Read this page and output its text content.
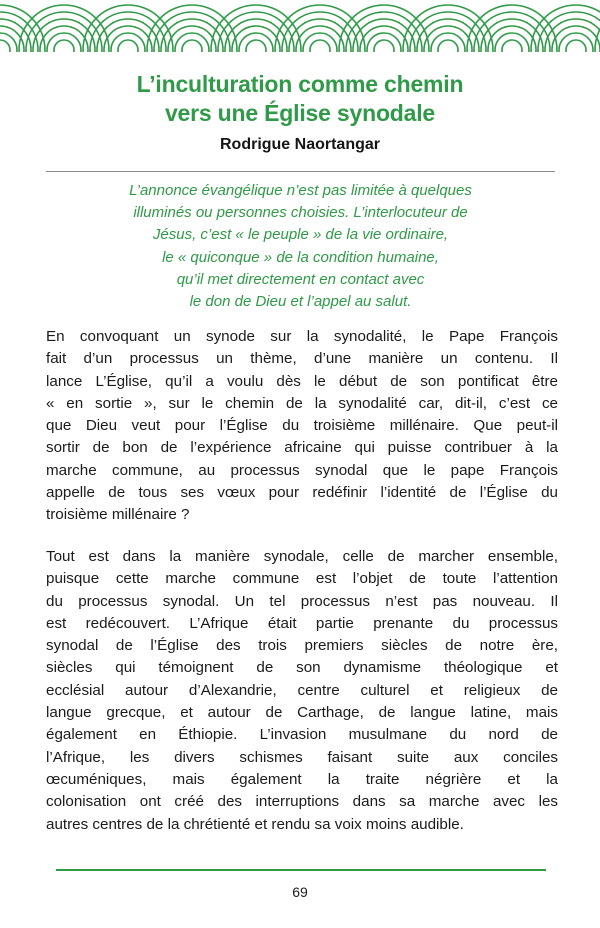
L’inculturation comme chemin
vers une Église synodale
Rodrigue Naortangar
L’annonce évangélique n’est pas limitée à quelques
illuminés ou personnes choisies. L’interlocuteur de
Jésus, c’est « le peuple » de la vie ordinaire,
le « quiconque » de la condition humaine,
qu’il met directement en contact avec
le don de Dieu et l’appel au salut.
En convoquant un synode sur la synodalité, le Pape François
fait d’un processus un thème, d’une manière un contenu. Il
lance L’Église, qu’il a voulu dès le début de son pontificat être
« en sortie », sur le chemin de la synodalité car, dit-il, c’est ce
que Dieu veut pour l’Église du troisième millénaire. Que peut-il
sortir de bon de l’expérience africaine qui puisse contribuer à la
marche commune, au processus synodal que le pape François
appelle de tous ses vœux pour redéfinir l’identité de l’Église du
troisième millénaire ?
Tout est dans la manière synodale, celle de marcher ensemble,
puisque cette marche commune est l’objet de toute l’attention
du processus synodal. Un tel processus n’est pas nouveau. Il
est redécouvert. L’Afrique était partie prenante du processus
synodal de l’Église des trois premiers siècles de notre ère,
siècles qui témoignent de son dynamisme théologique et
ecclésial autour d’Alexandrie, centre culturel et religieux de
langue grecque, et autour de Carthage, de langue latine, mais
également en Éthiopie. L’invasion musulmane du nord de
l’Afrique, les divers schismes faisant suite aux conciles
œcuméniques, mais également la traite négrière et la
colonisation ont créé des interruptions dans sa marche avec les
autres centres de la chrétienté et rendu sa voix moins audible.
69
